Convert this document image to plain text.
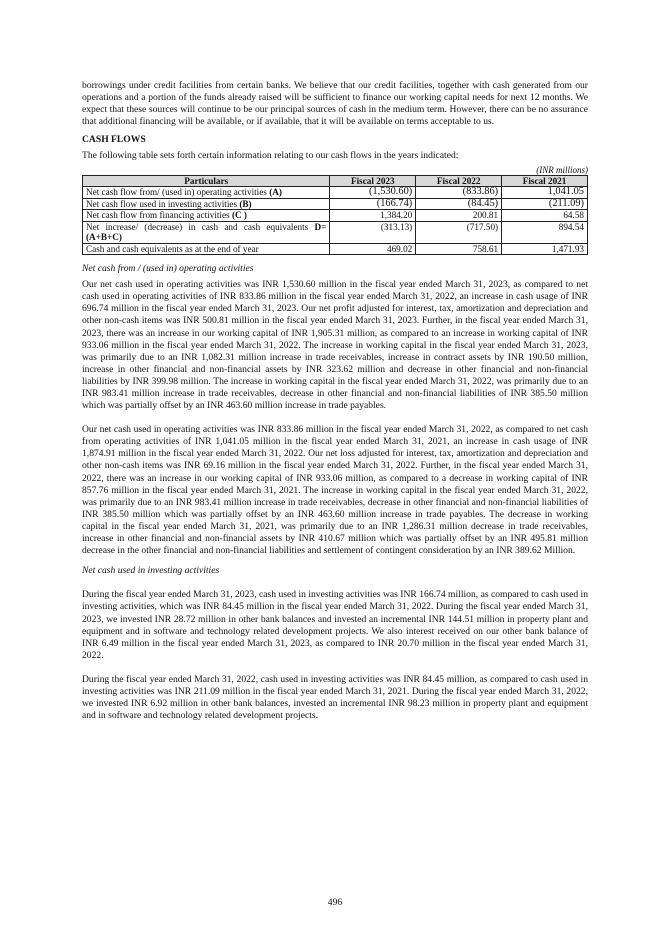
borrowings under credit facilities from certain banks. We believe that our credit facilities, together with cash generated from our operations and a portion of the funds already raised will be sufficient to finance our working capital needs for next 12 months. We expect that these sources will continue to be our principal sources of cash in the medium term. However, there can be no assurance that additional financing will be available, or if available, that it will be available on terms acceptable to us.

CASH FLOWS

The following table sets forth certain information relating to our cash flows in the years indicated:

(INR millions)
Particulars	Fiscal 2023	Fiscal 2022	Fiscal 2021
Net cash flow from/ (used in) operating activities (A)	(1,530.60)	(833.86)	1,041.05
Net cash flow used in investing activities (B)	(166.74)	(84.45)	(211.09)
Net cash flow from financing activities (C )	1,384.20	200.81	64.58
Net increase/ (decrease) in cash and cash equivalents D=(A+B+C)	(313.13)	(717.50)	894.54
Cash and cash equivalents as at the end of year	469.02	758.61	1,471.93
Net cash from / (used in) operating activities

Our net cash used in operating activities was INR 1,530.60 million in the fiscal year ended March 31, 2023, as compared to net cash used in operating activities of INR 833.86 million in the fiscal year ended March 31, 2022, an increase in cash usage of INR 696.74 million in the fiscal year ended March 31, 2023. Our net profit adjusted for interest, tax, amortization and depreciation and other non-cash items was INR 500.81 million in the fiscal year ended March 31, 2023. Further, in the fiscal year ended March 31, 2023, there was an increase in our working capital of INR 1,905.31 million, as compared to an increase in working capital of INR 933.06 million in the fiscal year ended March 31, 2022. The increase in working capital in the fiscal year ended March 31, 2023, was primarily due to an INR 1,082.31 million increase in trade receivables, increase in contract assets by INR 190.50 million, increase in other financial and non-financial assets by INR 323.62 million and decrease in other financial and non-financial liabilities by INR 399.98 million. The increase in working capital in the fiscal year ended March 31, 2022, was primarily due to an INR 983.41 million increase in trade receivables, decrease in other financial and non-financial liabilities of INR 385.50 million which was partially offset by an INR 463.60 million increase in trade payables.

Our net cash used in operating activities was INR 833.86 million in the fiscal year ended March 31, 2022, as compared to net cash from operating activities of INR 1,041.05 million in the fiscal year ended March 31, 2021, an increase in cash usage of INR 1,874.91 million in the fiscal year ended March 31, 2022. Our net loss adjusted for interest, tax, amortization and depreciation and other non-cash items was INR 69.16 million in the fiscal year ended March 31, 2022. Further, in the fiscal year ended March 31, 2022, there was an increase in our working capital of INR 933.06 million, as compared to a decrease in working capital of INR 857.76 million in the fiscal year ended March 31, 2021. The increase in working capital in the fiscal year ended March 31, 2022, was primarily due to an INR 983.41 million increase in trade receivables, decrease in other financial and non-financial liabilities of INR 385.50 million which was partially offset by an INR 463.60 million increase in trade payables. The decrease in working capital in the fiscal year ended March 31, 2021, was primarily due to an INR 1,286.31 million decrease in trade receivables, increase in other financial and non-financial assets by INR 410.67 million which was partially offset by an INR 495.81 million decrease in the other financial and non-financial liabilities and settlement of contingent consideration by an INR 389.62 Million.

Net cash used in investing activities

During the fiscal year ended March 31, 2023, cash used in investing activities was INR 166.74 million, as compared to cash used in investing activities, which was INR 84.45 million in the fiscal year ended March 31, 2022. During the fiscal year ended March 31, 2023, we invested INR 28.72 million in other bank balances and invested an incremental INR 144.51 million in property plant and equipment and in software and technology related development projects. We also interest received on our other bank balance of INR 6.49 million in the fiscal year ended March 31, 2023, as compared to INR 20.70 million in the fiscal year ended March 31, 2022.

During the fiscal year ended March 31, 2022, cash used in investing activities was INR 84.45 million, as compared to cash used in investing activities was INR 211.09 million in the fiscal year ended March 31, 2021. During the fiscal year ended March 31, 2022, we invested INR 6.92 million in other bank balances, invested an incremental INR 98.23 million in property plant and equipment and in software and technology related development projects.

496
